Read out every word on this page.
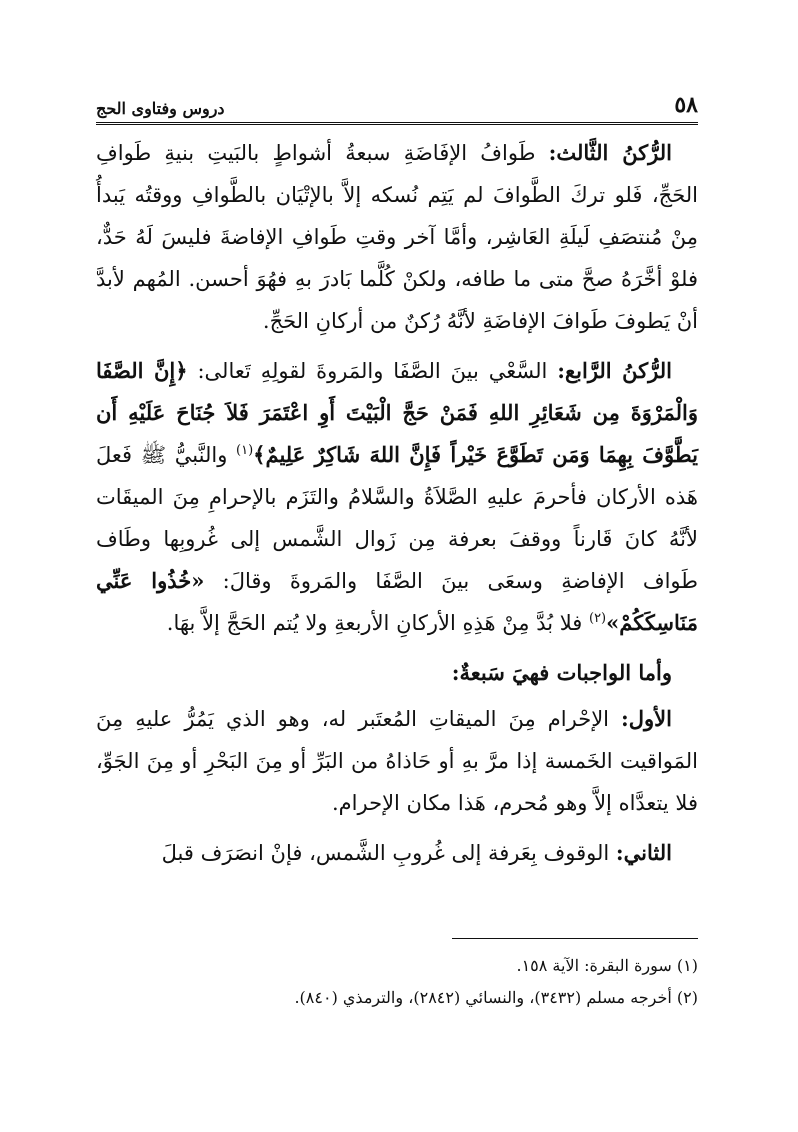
٥٨
دروس وفتاوى الحج

الرُّكنُ الثَّالث: طَوافُ الإفَاضَةِ سبعةُ أشواطٍ بالبَيتِ بنيةِ طَوافِ الحَجِّ، فَلو تركَ الطَّوافَ لم يَتِم نُسكه إلاَّ بالإتْيَان بالطَّوافِ ووقتُه يَبدأُ مِنْ مُنتصَفِ لَيلَةِ العَاشِر، وأمَّا آخر وقتِ طَوافِ الإفاضةَ فليسَ لَهُ حَدٌّ، فلوْ أخَّرَهُ صحَّ متى ما طافه، ولكنْ كُلَّما بَادرَ بهِ فهُوَ أحسن. المُهم لأبدَّ أنْ يَطوفَ طَوافَ الإفاضَةِ لأنَّهُ رُكنٌ من أركانِ الحَجِّ.

الرُّكنُ الرَّابع: السَّعْي بينَ الصَّفَا والمَروةَ لقولِهِ تَعالى: ﴿إِنَّ الصَّفَا وَالْمَرْوَةَ مِن شَعَائِرِ اللهِ فَمَنْ حَجَّ الْبَيْتَ أَوِ اعْتَمَرَ فَلاَ جُنَاحَ عَلَيْهِ أَن يَطَّوَّفَ بِهِمَا وَمَن تَطَوَّعَ خَيْراً فَإِنَّ اللهَ شَاكِرٌ عَلِيمٌ﴾$^{(١)}$ والنَّبيُّ ﷺ فَعلَ هَذه الأركان فأحرمَ عليهِ الصَّلاَةُ والسَّلامُ والتَزَم بالإحرامِ مِنَ الميقَات لأنَّهُ كانَ قَارناً ووقفَ بعرفة مِن زَوال الشَّمس إلى غُروبِها وطَاف طَواف الإفاضةِ وسعَى بينَ الصَّفَا والمَروةَ وقالَ: «خُذُوا عَنِّي مَنَاسِكَكُمْ»$^{(٢)}$ فلا بُدَّ مِنْ هَذِهِ الأركانِ الأربعةِ ولا يُتم الحَجَّ إلاَّ بهَا.

وأما الواجبات فهيَ سَبعةٌ:

الأول: الإحْرام مِنَ الميقاتِ المُعتَبر له، وهو الذي يَمُرُّ عليهِ مِنَ المَواقيت الخَمسة إذا مرَّ بهِ أو حَاذاهُ من البَرِّ أو مِنَ البَحْرِ أو مِنَ الجَوِّ، فلا يتعدَّاه إلاَّ وهو مُحرم، هَذا مكان الإحرام.

الثاني: الوقوف بِعَرفة إلى غُروبِ الشَّمس، فإنْ انصَرَف قبلَ

(١) سورة البقرة: الآية ١٥٨.
(٢) أخرجه مسلم (٣٤٣٢)، والنسائي (٢٨٤٢)، والترمذي (٨٤٠).
